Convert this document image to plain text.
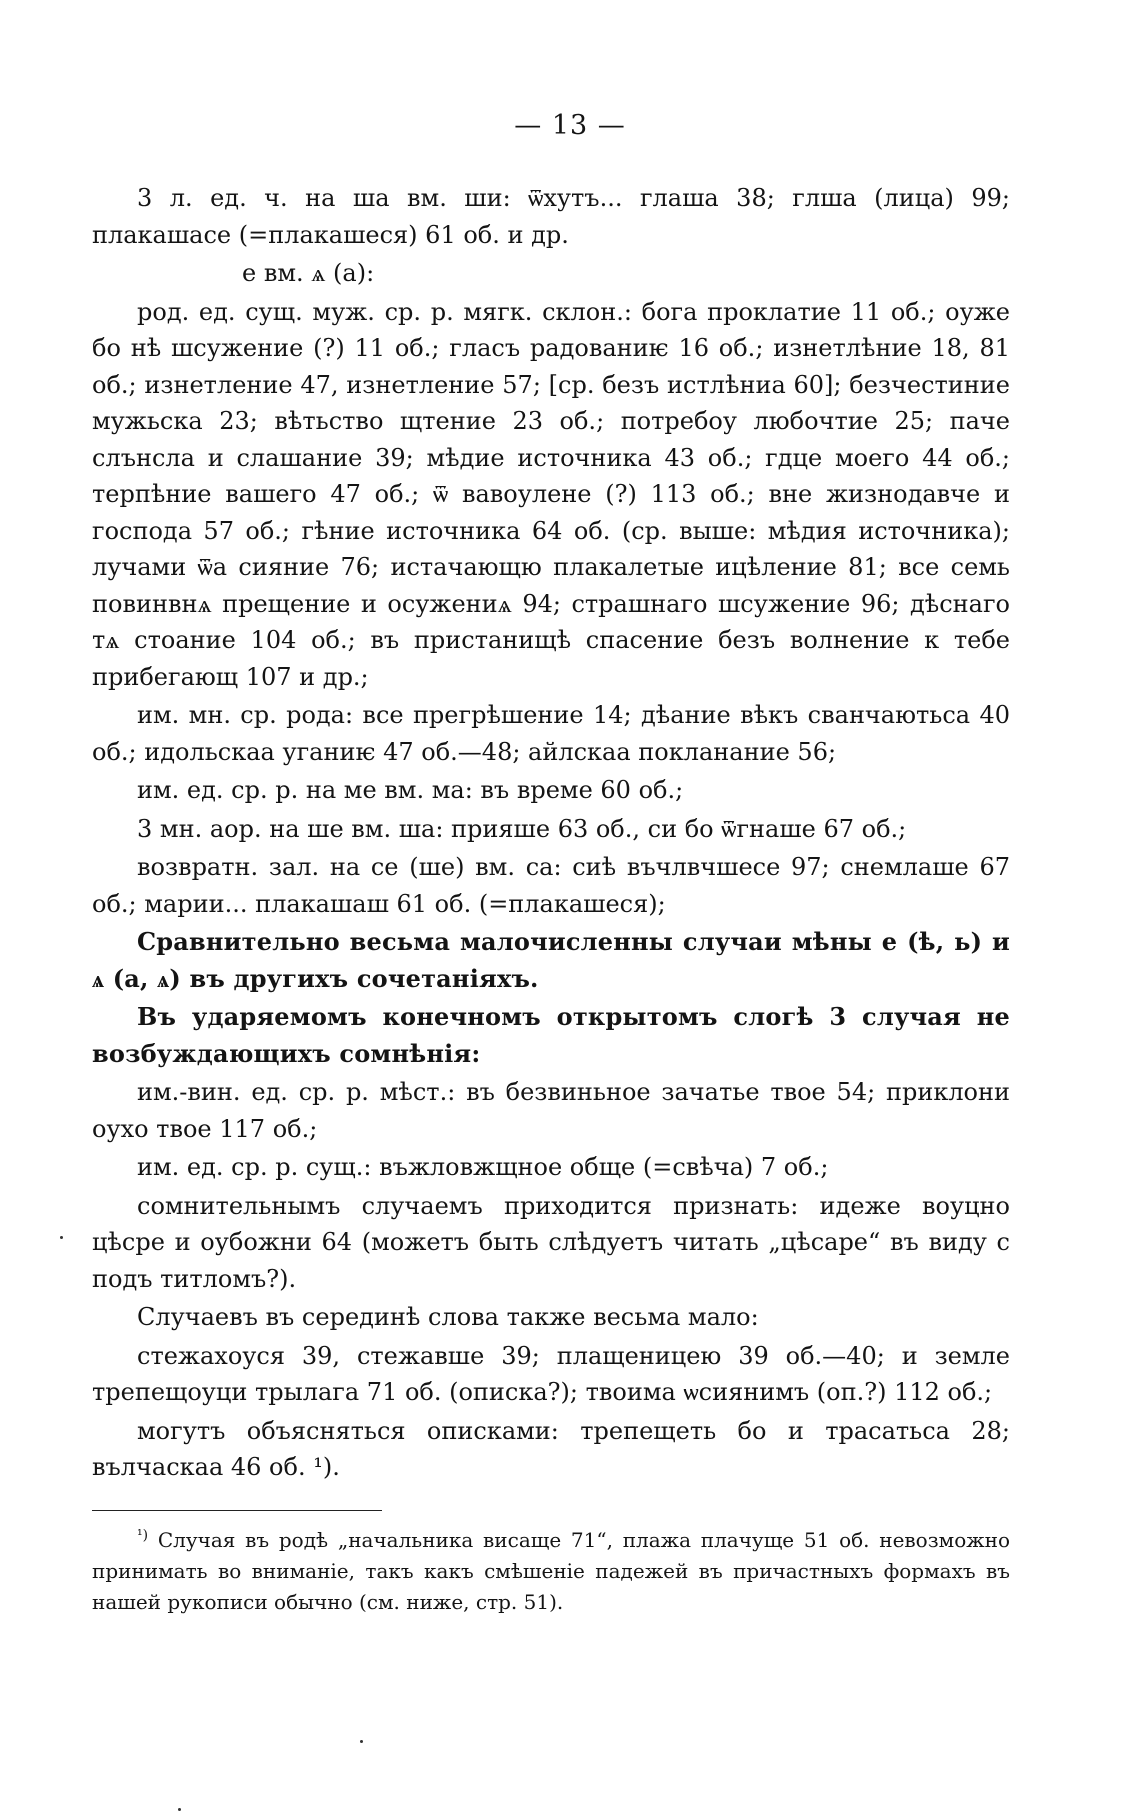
— 13 —

3 л. ед. ч. на ша вм. ши: ѿхутъ... глаша 38; глша (лица) 99; плакашасе (=плакашеся) 61 об. и др.

е вм. ѧ (а):

род. ед. сущ. муж. ср. р. мягк. склон.: бога проклатие 11 об.; оуже бо нѣ шсужение (?) 11 об.; гласъ радованиѥ 16 об.; изнетлѣние 18, 81 об.; изнетление 47, изнетление 57; [ср. безъ истлѣниа 60]; безчестиние мужьска 23; вѣтьство щтение 23 об.; потребоу любочтие 25; паче слънсла и слашание 39; мѣдие источника 43 об.; гдце моего 44 об.; терпѣние вашего 47 об.; ѿ вавоулене (?) 113 об.; вне жизнодавче и господа 57 об.; гѣние источника 64 об. (ср. выше: мѣдия источника); лучами ѿа сияние 76; истачающю плакалетые ицѣление 81; все семь повинвнѧ прещение и осужениѧ 94; страшнаго шсужение 96; дѣснаго тѧ стоание 104 об.; въ пристанищѣ спасение безъ волнение к тебе прибегающ 107 и др.;

им. мн. ср. рода: все прегрѣшение 14; дѣание вѣкъ сванчаютьса 40 об.; идольскаа уганиѥ 47 об.—48; айлскаа покланание 56;

им. ед. ср. р. на ме вм. ма: въ време 60 об.;

3 мн. аор. на ше вм. ша: прияше 63 об., си бо ѿгнаше 67 об.;

возвратн. зал. на се (ше) вм. са: сиѣ въчлвчшесе 97; снемлаше 67 об.; марии... плакашаш 61 об. (=плакашеся);

Сравнительно весьма малочисленны случаи мѣны е (ѣ, ь) и ѧ (а, ѧ) въ другихъ сочетаніяхъ.

Въ ударяемомъ конечномъ открытомъ слогѣ 3 случая не возбуждающихъ сомнѣнія:

им.-вин. ед. ср. р. мѣст.: въ безвиньное зачатье твое 54; приклони оухо твое 117 об.;

им. ед. ср. р. сущ.: въжловжщное обще (=свѣча) 7 об.;

сомнительнымъ случаемъ приходится признать: идеже воуцно цѣсре и оубожни 64 (можетъ быть слѣдуетъ читать „цѣсаре“ въ виду с подъ титломъ?).

Случаевъ въ серединѣ слова также весьма мало:

стежахоуся 39, стежавше 39; плащеницею 39 об.—40; и земле трепещоуци трылага 71 об. (описка?); твоима ѡсиянимъ (оп.?) 112 об.;

могутъ объясняться описками: трепещеть бо и трасатьса 28; вълчаскаа 46 об. ¹).

$^{^1)}$ Случая въ родѣ „начальника висаще 71“, плажа плачуще 51 об. невозможно принимать во вниманіе, такъ какъ смѣшеніе падежей въ причастныхъ формахъ въ нашей рукописи обычно (см. ниже, стр. 51).
